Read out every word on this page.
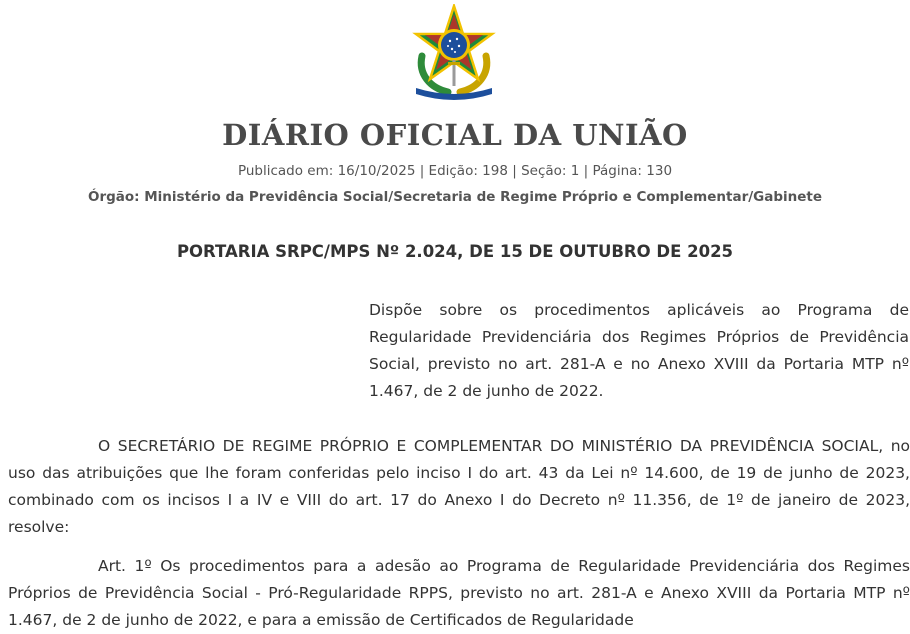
DIÁRIO OFICIAL DA UNIÃO
Publicado em: 16/10/2025 | Edição: 198 | Seção: 1 | Página: 130
Órgão: Ministério da Previdência Social/Secretaria de Regime Próprio e Complementar/Gabinete
PORTARIA SRPC/MPS Nº 2.024, DE 15 DE OUTUBRO DE 2025
Dispõe sobre os procedimentos aplicáveis ao Programa de Regularidade Previdenciária dos Regimes Próprios de Previdência Social, previsto no art. 281-A e no Anexo XVIII da Portaria MTP nº 1.467, de 2 de junho de 2022.
O SECRETÁRIO DE REGIME PRÓPRIO E COMPLEMENTAR DO MINISTÉRIO DA PREVIDÊNCIA SOCIAL, no uso das atribuições que lhe foram conferidas pelo inciso I do art. 43 da Lei nº 14.600, de 19 de junho de 2023, combinado com os incisos I a IV e VIII do art. 17 do Anexo I do Decreto nº 11.356, de 1º de janeiro de 2023, resolve:
Art. 1º Os procedimentos para a adesão ao Programa de Regularidade Previdenciária dos Regimes Próprios de Previdência Social - Pró-Regularidade RPPS, previsto no art. 281-A e Anexo XVIII da Portaria MTP nº 1.467, de 2 de junho de 2022, e para a emissão de Certificados de Regularidade
